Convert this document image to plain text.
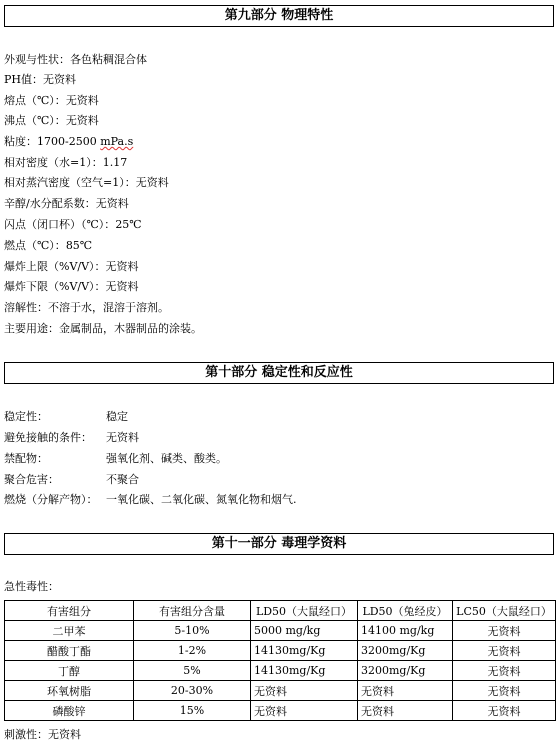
第九部分 物理特性
外观与性状：各色粘稠混合体
PH值：无资料
熔点（℃）：无资料
沸点（℃）：无资料
粘度：1700-2500 mPa.s
相对密度（水=1）：1.17
相对蒸汽密度（空气=1）：无资料
辛醇/水分配系数：无资料
闪点（闭口杯）（℃）：25℃
燃点（℃）：85℃
爆炸上限（%V/V）：无资料
爆炸下限（%V/V）：无资料
溶解性：不溶于水，混溶于溶剂。
主要用途：金属制品，木器制品的涂装。
第十部分 稳定性和反应性
稳定性：	稳定
避免接触的条件： 无资料
禁配物：	强氧化剂、碱类、酸类。
聚合危害：	不聚合
燃烧（分解产物）： 一氧化碳、二氧化碳、氮氧化物和烟气.
第十一部分 毒理学资料
急性毒性：
有害组分	有害组分含量	LD50（大鼠经口）	LD50（兔经皮）	LC50（大鼠经口）
二甲苯	5-10%	5000 mg/kg	14100 mg/kg	无资料
醋酸丁酯	1-2%	14130mg/Kg	3200mg/Kg	无资料
丁醇	5%	14130mg/Kg	3200mg/Kg	无资料
环氧树脂	20-30%	无资料	无资料	无资料
磷酸锌	15%	无资料	无资料	无资料
刺激性：无资料
